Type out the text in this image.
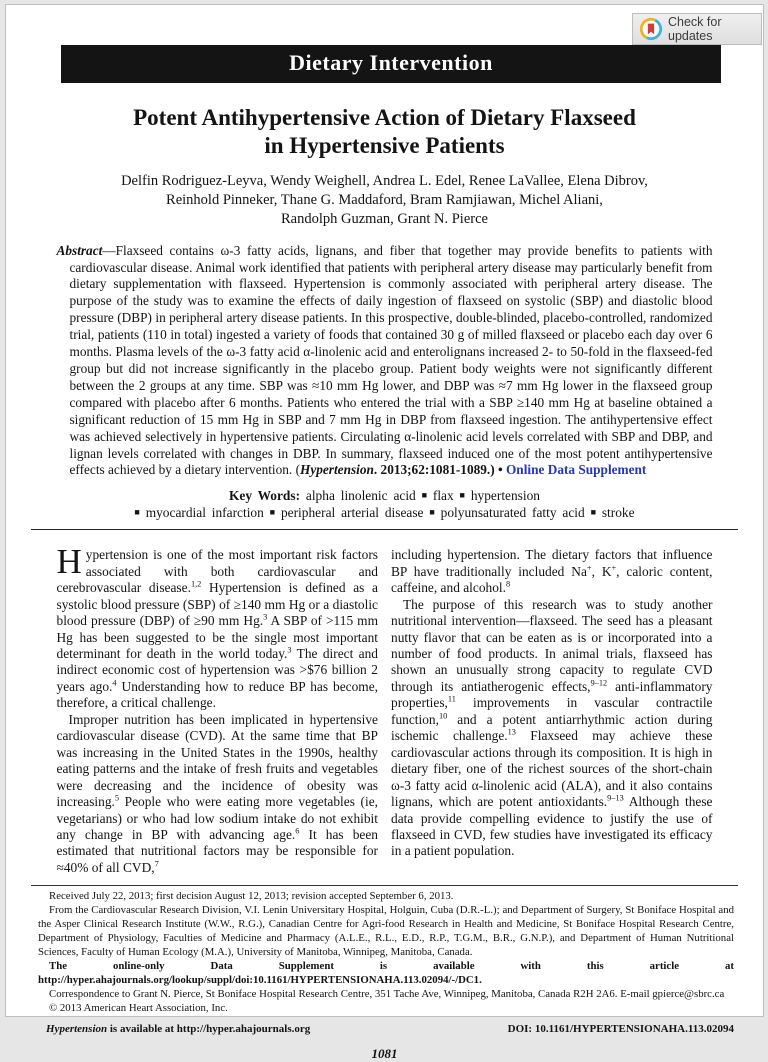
Check for updates
Dietary Intervention
Potent Antihypertensive Action of Dietary Flaxseed
in Hypertensive Patients
Delfin Rodriguez-Leyva, Wendy Weighell, Andrea L. Edel, Renee LaVallee, Elena Dibrov,
Reinhold Pinneker, Thane G. Maddaford, Bram Ramjiawan, Michel Aliani,
Randolph Guzman, Grant N. Pierce

Abstract—Flaxseed contains ω-3 fatty acids, lignans, and fiber that together may provide benefits to patients with cardiovascular disease. Animal work identified that patients with peripheral artery disease may particularly benefit from dietary supplementation with flaxseed. Hypertension is commonly associated with peripheral artery disease. The purpose of the study was to examine the effects of daily ingestion of flaxseed on systolic (SBP) and diastolic blood pressure (DBP) in peripheral artery disease patients. In this prospective, double-blinded, placebo-controlled, randomized trial, patients (110 in total) ingested a variety of foods that contained 30 g of milled flaxseed or placebo each day over 6 months. Plasma levels of the ω-3 fatty acid α-linolenic acid and enterolignans increased 2- to 50-fold in the flaxseed-fed group but did not increase significantly in the placebo group. Patient body weights were not significantly different between the 2 groups at any time. SBP was ≈10 mm Hg lower, and DBP was ≈7 mm Hg lower in the flaxseed group compared with placebo after 6 months. Patients who entered the trial with a SBP ≥140 mm Hg at baseline obtained a significant reduction of 15 mm Hg in SBP and 7 mm Hg in DBP from flaxseed ingestion. The antihypertensive effect was achieved selectively in hypertensive patients. Circulating α-linolenic acid levels correlated with SBP and DBP, and lignan levels correlated with changes in DBP. In summary, flaxseed induced one of the most potent antihypertensive effects achieved by a dietary intervention. (Hypertension. 2013;62:1081-1089.) • Online Data Supplement

Key Words: alpha linolenic acid ■ flax ■ hypertension
■ myocardial infarction ■ peripheral arterial disease ■ polyunsaturated fatty acid ■ stroke

Hypertension is one of the most important risk factors associated with both cardiovascular and cerebrovascular disease.$^{1,2}$ Hypertension is defined as a systolic blood pressure (SBP) of ≥140 mm Hg or a diastolic blood pressure (DBP) of ≥90 mm Hg.$^3$ A SBP of >115 mm Hg has been suggested to be the single most important determinant for death in the world today.$^3$ The direct and indirect economic cost of hypertension was >$76 billion 2 years ago.$^4$ Understanding how to reduce BP has become, therefore, a critical challenge.

Improper nutrition has been implicated in hypertensive cardiovascular disease (CVD). At the same time that BP was increasing in the United States in the 1990s, healthy eating patterns and the intake of fresh fruits and vegetables were decreasing and the incidence of obesity was increasing.$^5$ People who were eating more vegetables (ie, vegetarians) or who had low sodium intake do not exhibit any change in BP with advancing age.$^6$ It has been estimated that nutritional factors may be responsible for ≈40% of all CVD,$^7$

including hypertension. The dietary factors that influence BP have traditionally included Na+, K+, caloric content, caffeine, and alcohol.$^8$

The purpose of this research was to study another nutritional intervention—flaxseed. The seed has a pleasant nutty flavor that can be eaten as is or incorporated into a number of food products. In animal trials, flaxseed has shown an unusually strong capacity to regulate CVD through its antiatherogenic effects,$^{9-12}$ anti-inflammatory properties,$^{11}$ improvements in vascular contractile function,$^{10}$ and a potent antiarrhythmic action during ischemic challenge.$^{13}$ Flaxseed may achieve these cardiovascular actions through its composition. It is high in dietary fiber, one of the richest sources of the short-chain ω-3 fatty acid α-linolenic acid (ALA), and it also contains lignans, which are potent antioxidants.$^{9-13}$ Although these data provide compelling evidence to justify the use of flaxseed in CVD, few studies have investigated its efficacy in a patient population.

Received July 22, 2013; first decision August 12, 2013; revision accepted September 6, 2013.

From the Cardiovascular Research Division, V.I. Lenin Universitary Hospital, Holguin, Cuba (D.R.-L.); and Department of Surgery, St Boniface Hospital and the Asper Clinical Research Institute (W.W., R.G.), Canadian Centre for Agri-food Research in Health and Medicine, St Boniface Hospital Research Centre, Department of Physiology, Faculties of Medicine and Pharmacy (A.L.E., R.L., E.D., R.P., T.G.M., B.R., G.N.P.), and Department of Human Nutritional Sciences, Faculty of Human Ecology (M.A.), University of Manitoba, Winnipeg, Manitoba, Canada.

The online-only Data Supplement is available with this article at http://hyper.ahajournals.org/lookup/suppl/doi:10.1161/HYPERTENSIONAHA.113.02094/-/DC1.

Correspondence to Grant N. Pierce, St Boniface Hospital Research Centre, 351 Tache Ave, Winnipeg, Manitoba, Canada R2H 2A6. E-mail gpierce@sbrc.ca

© 2013 American Heart Association, Inc.

Hypertension is available at http://hyper.ahajournals.org	DOI: 10.1161/HYPERTENSIONAHA.113.02094
1081
